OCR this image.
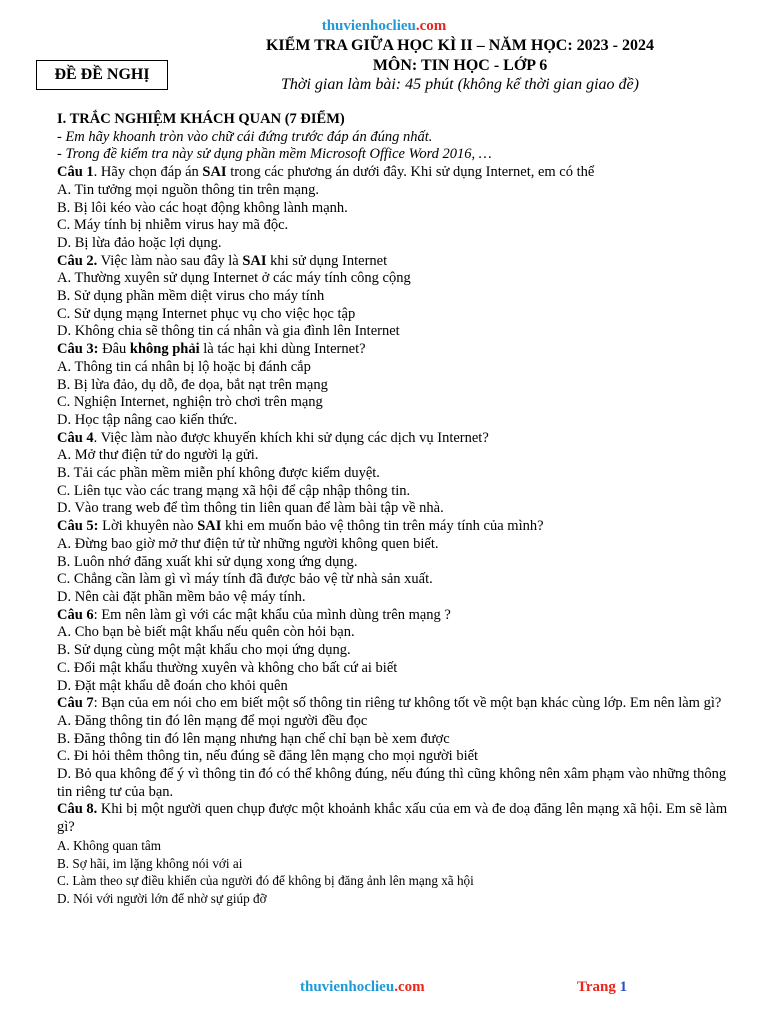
thuvienhoclieu.com
KIỂM TRA GIỮA HỌC KÌ II – NĂM HỌC: 2023 - 2024
MÔN: TIN HỌC - LỚP 6
Thời gian làm bài: 45 phút (không kể thời gian giao đề)
ĐỀ ĐỀ NGHỊ
I. TRẮC NGHIỆM KHÁCH QUAN (7 ĐIỂM)
- Em hãy khoanh tròn vào chữ cái đứng trước đáp án đúng nhất.
- Trong đề kiểm tra này sử dụng phần mềm Microsoft Office Word 2016, …
Câu 1. Hãy chọn đáp án SAI trong các phương án dưới đây. Khi sử dụng Internet, em có thể
A. Tin tưởng mọi nguồn thông tin trên mạng.
B. Bị lôi kéo vào các hoạt động không lành mạnh.
C. Máy tính bị nhiễm virus hay mã độc.
D. Bị lừa đảo hoặc lợi dụng.
Câu 2. Việc làm nào sau đây là SAI khi sử dụng Internet
A. Thường xuyên sử dụng Internet ở các máy tính công cộng
B. Sử dụng phần mềm diệt virus cho máy tính
C. Sử dụng mạng Internet phục vụ cho việc học tập
D. Không chia sẽ thông tin cá nhân và gia đình lên Internet
Câu 3: Đâu không phải là tác hại khi dùng Internet?
A. Thông tin cá nhân bị lộ hoặc bị đánh cắp
B. Bị lừa đảo, dụ dỗ, đe dọa, bắt nạt trên mạng
C. Nghiện Internet, nghiện trò chơi trên mạng
D. Học tập nâng cao kiến thức.
Câu 4. Việc làm nào được khuyến khích khi sử dụng các dịch vụ Internet?
A. Mở thư điện tử do người lạ gửi.
B. Tải các phần mềm miễn phí không được kiểm duyệt.
C. Liên tục vào các trang mạng xã hội để cập nhập thông tin.
D. Vào trang web để tìm thông tin liên quan để làm bài tập về nhà.
Câu 5: Lời khuyên nào SAI khi em muốn bảo vệ thông tin trên máy tính của mình?
A. Đừng bao giờ mở thư điện tử từ những người không quen biết.
B. Luôn nhớ đăng xuất khi sử dụng xong ứng dụng.
C. Chẳng cần làm gì vì máy tính đã được bảo vệ từ nhà sản xuất.
D. Nên cài đặt phần mềm bảo vệ máy tính.
Câu 6: Em nên làm gì với các mật khẩu của mình dùng trên mạng ?
A. Cho bạn bè biết mật khẩu nếu quên còn hỏi bạn.
B. Sử dụng cùng một mật khẩu cho mọi ứng dụng.
C. Đổi mật khẩu thường xuyên và không cho bất cứ ai biết
D. Đặt mật khẩu dễ đoán cho khỏi quên
Câu 7: Bạn của em nói cho em biết một số thông tin riêng tư không tốt về một bạn khác cùng lớp. Em nên làm gì?
A. Đăng thông tin đó lên mạng để mọi người đều đọc
B. Đăng thông tin đó lên mạng nhưng hạn chế chỉ bạn bè xem được
C. Đi hỏi thêm thông tin, nếu đúng sẽ đăng lên mạng cho mọi người biết
D. Bỏ qua không để ý vì thông tin đó có thể không đúng, nếu đúng thì cũng không nên xâm phạm vào những thông tin riêng tư của bạn.
Câu 8. Khi bị một người quen chụp được một khoảnh khắc xấu của em và đe doạ đăng lên mạng xã hội. Em sẽ làm gì?
A. Không quan tâm
B. Sợ hãi, im lặng không nói với ai
C. Làm theo sự điều khiển của người đó để không bị đăng ảnh lên mạng xã hội
D. Nói với người lớn để nhờ sự giúp đỡ
thuvienhoclieu.com	Trang 1
